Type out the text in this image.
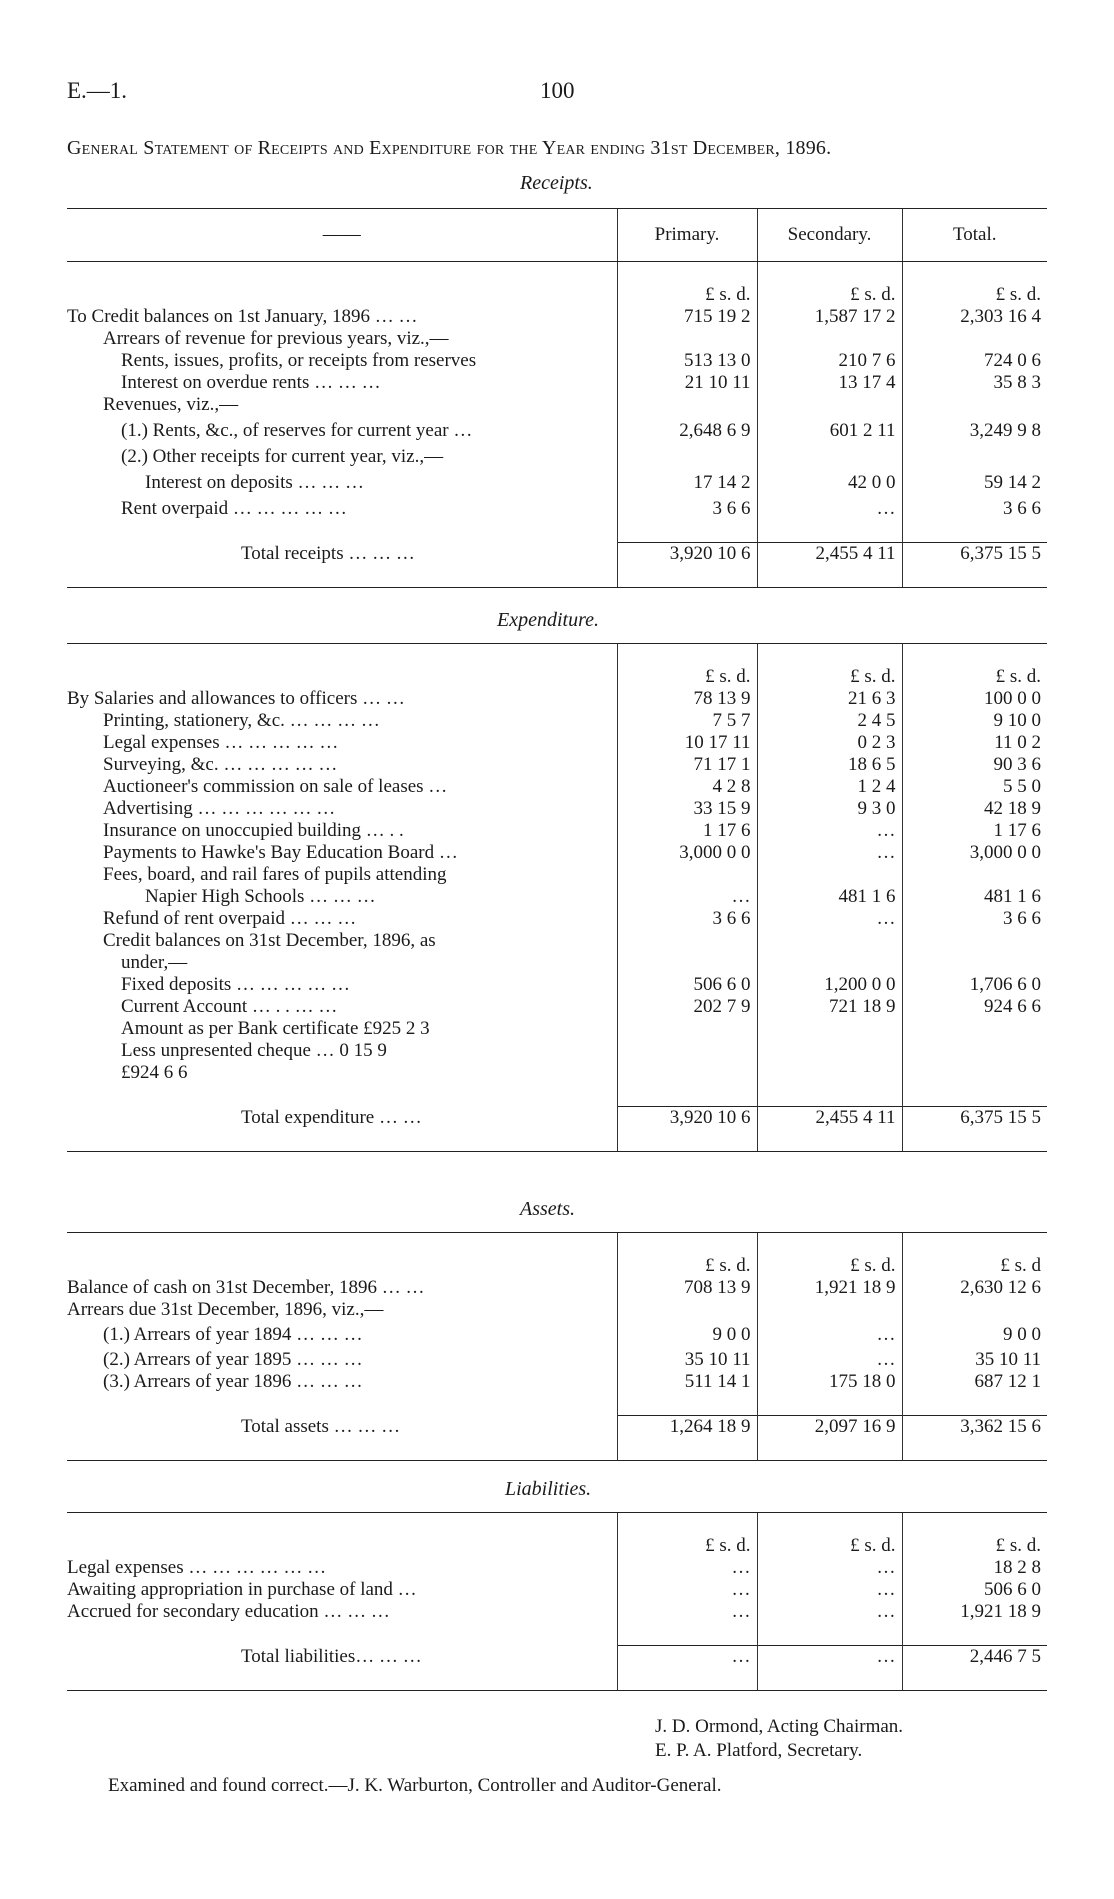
E.—1.	100
General Statement of Receipts and Expenditure for the Year ending 31st December, 1896.
Receipts.
——	Primary.	Secondary.	Total.

	£ s. d.	£ s. d.	£ s. d.
To Credit balances on 1st January, 1896 … …	715 19 2	1,587 17 2	2,303 16 4
Arrears of revenue for previous years, viz.,—			
Rents, issues, profits, or receipts from reserves	513 13 0	210 7 6	724 0 6
Interest on overdue rents … … …	21 10 11	13 17 4	35 8 3
Revenues, viz.,—			
(1.) Rents, &c., of reserves for current year …	2,648 6 9	601 2 11	3,249 9 8
(2.) Other receipts for current year, viz.,—			
Interest on deposits … … …	17 14 2	42 0 0	59 14 2
Rent overpaid … … … … …	3 6 6	…	3 6 6

Total receipts … … …	3,920 10 6	2,455 4 11	6,375 15 5

Expenditure.

	£ s. d.	£ s. d.	£ s. d.
By Salaries and allowances to officers … …	78 13 9	21 6 3	100 0 0
Printing, stationery, &c. … … … …	7 5 7	2 4 5	9 10 0
Legal expenses … … … … …	10 17 11	0 2 3	11 0 2
Surveying, &c. … … … … …	71 17 1	18 6 5	90 3 6
Auctioneer's commission on sale of leases …	4 2 8	1 2 4	5 5 0
Advertising … … … … … …	33 15 9	9 3 0	42 18 9
Insurance on unoccupied building … . .	1 17 6	…	1 17 6
Payments to Hawke's Bay Education Board …	3,000 0 0	…	3,000 0 0
Fees, board, and rail fares of pupils attending			
Napier High Schools … … …	…	481 1 6	481 1 6
Refund of rent overpaid … … …	3 6 6	…	3 6 6
Credit balances on 31st December, 1896, as			
under,—			
Fixed deposits … … … … …	506 6 0	1,200 0 0	1,706 6 0
Current Account … . . … …	202 7 9	721 18 9	924 6 6
Amount as per Bank certificate £925 2 3			
Less unpresented cheque … 0 15 9			
£924 6 6			

Total expenditure … …	3,920 10 6	2,455 4 11	6,375 15 5

Assets.

	£ s. d.	£ s. d.	£ s. d
Balance of cash on 31st December, 1896 … …	708 13 9	1,921 18 9	2,630 12 6
Arrears due 31st December, 1896, viz.,—			
(1.) Arrears of year 1894 … … …	9 0 0	…	9 0 0
(2.) Arrears of year 1895 … … …	35 10 11	…	35 10 11
(3.) Arrears of year 1896 … … …	511 14 1	175 18 0	687 12 1

Total assets … … …	1,264 18 9	2,097 16 9	3,362 15 6

Liabilities.

	£ s. d.	£ s. d.	£ s. d.
Legal expenses … … … … … …	…	…	18 2 8
Awaiting appropriation in purchase of land …	…	…	506 6 0
Accrued for secondary education … … …	…	…	1,921 18 9

Total liabilities… … …	…	…	2,446 7 5

J. D. Ormond, Acting Chairman.
E. P. A. Platford, Secretary.
Examined and found correct.—J. K. Warburton, Controller and Auditor-General.
